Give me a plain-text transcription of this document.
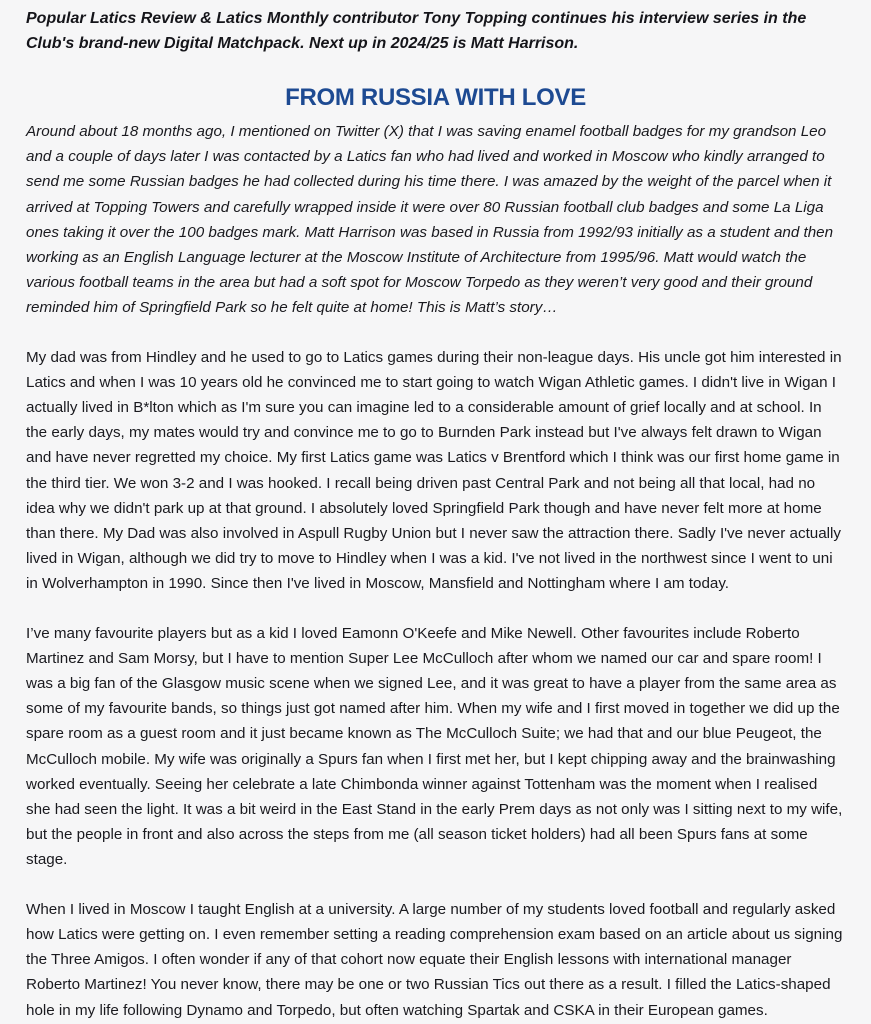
Popular Latics Review & Latics Monthly contributor Tony Topping continues his interview series in the Club's brand-new Digital Matchpack. Next up in 2024/25 is Matt Harrison.

FROM RUSSIA WITH LOVE

Around about 18 months ago, I mentioned on Twitter (X) that I was saving enamel football badges for my grandson Leo and a couple of days later I was contacted by a Latics fan who had lived and worked in Moscow who kindly arranged to send me some Russian badges he had collected during his time there. I was amazed by the weight of the parcel when it arrived at Topping Towers and carefully wrapped inside it were over 80 Russian football club badges and some La Liga ones taking it over the 100 badges mark. Matt Harrison was based in Russia from 1992/93 initially as a student and then working as an English Language lecturer at the Moscow Institute of Architecture from 1995/96. Matt would watch the various football teams in the area but had a soft spot for Moscow Torpedo as they weren’t very good and their ground reminded him of Springfield Park so he felt quite at home! This is Matt’s story…

My dad was from Hindley and he used to go to Latics games during their non-league days. His uncle got him interested in Latics and when I was 10 years old he convinced me to start going to watch Wigan Athletic games. I didn't live in Wigan I actually lived in B*lton which as I'm sure you can imagine led to a considerable amount of grief locally and at school. In the early days, my mates would try and convince me to go to Burnden Park instead but I've always felt drawn to Wigan and have never regretted my choice. My first Latics game was Latics v Brentford which I think was our first home game in the third tier. We won 3-2 and I was hooked. I recall being driven past Central Park and not being all that local, had no idea why we didn't park up at that ground. I absolutely loved Springfield Park though and have never felt more at home than there. My Dad was also involved in Aspull Rugby Union but I never saw the attraction there. Sadly I've never actually lived in Wigan, although we did try to move to Hindley when I was a kid. I've not lived in the northwest since I went to uni in Wolverhampton in 1990. Since then I've lived in Moscow, Mansfield and Nottingham where I am today.

I’ve many favourite players but as a kid I loved Eamonn O'Keefe and Mike Newell. Other favourites include Roberto Martinez and Sam Morsy, but I have to mention Super Lee McCulloch after whom we named our car and spare room! I was a big fan of the Glasgow music scene when we signed Lee, and it was great to have a player from the same area as some of my favourite bands, so things just got named after him. When my wife and I first moved in together we did up the spare room as a guest room and it just became known as The McCulloch Suite; we had that and our blue Peugeot, the McCulloch mobile. My wife was originally a Spurs fan when I first met her, but I kept chipping away and the brainwashing worked eventually. Seeing her celebrate a late Chimbonda winner against Tottenham was the moment when I realised she had seen the light. It was a bit weird in the East Stand in the early Prem days as not only was I sitting next to my wife, but the people in front and also across the steps from me (all season ticket holders) had all been Spurs fans at some stage.

When I lived in Moscow I taught English at a university. A large number of my students loved football and regularly asked how Latics were getting on. I even remember setting a reading comprehension exam based on an article about us signing the Three Amigos. I often wonder if any of that cohort now equate their English lessons with international manager Roberto Martinez! You never know, there may be one or two Russian Tics out there as a result. I filled the Latics-shaped hole in my life following Dynamo and Torpedo, but often watching Spartak and CSKA in their European games.
